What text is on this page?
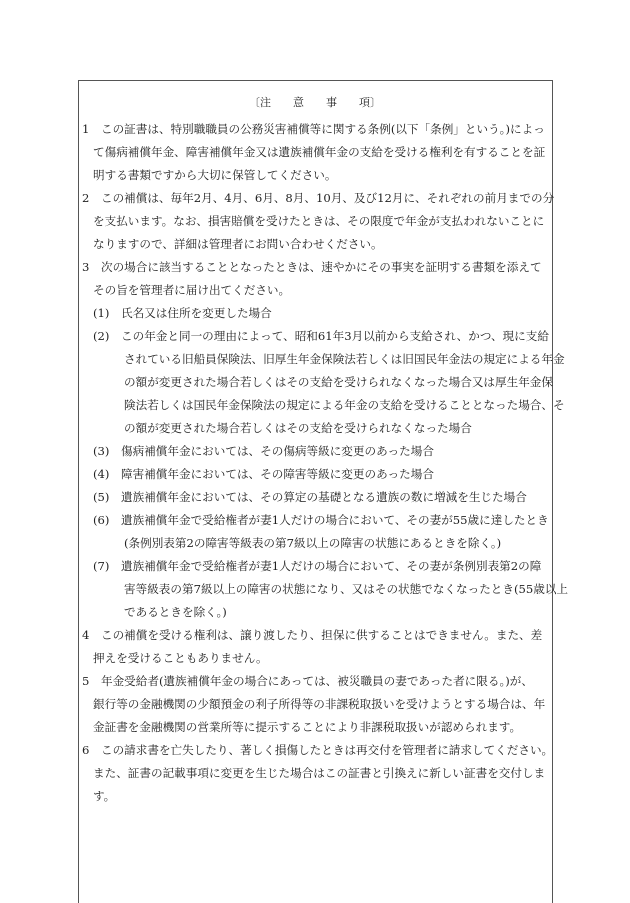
〔注　　意　　事　　項〕
1　この証書は、特別職職員の公務災害補償等に関する条例(以下「条例」という。)によっ
て傷病補償年金、障害補償年金又は遺族補償年金の支給を受ける権利を有することを証
明する書類ですから大切に保管してください。
2　この補償は、毎年2月、4月、6月、8月、10月、及び12月に、それぞれの前月までの分
を支払います。なお、損害賠償を受けたときは、その限度で年金が支払われないことに
なりますので、詳細は管理者にお問い合わせください。
3　次の場合に該当することとなったときは、速やかにその事実を証明する書類を添えて
その旨を管理者に届け出てください。
(1)　氏名又は住所を変更した場合
(2)　この年金と同一の理由によって、昭和61年3月以前から支給され、かつ、現に支給
されている旧船員保険法、旧厚生年金保険法若しくは旧国民年金法の規定による年金
の額が変更された場合若しくはその支給を受けられなくなった場合又は厚生年金保
険法若しくは国民年金保険法の規定による年金の支給を受けることとなった場合、そ
の額が変更された場合若しくはその支給を受けられなくなった場合
(3)　傷病補償年金においては、その傷病等級に変更のあった場合
(4)　障害補償年金においては、その障害等級に変更のあった場合
(5)　遺族補償年金においては、その算定の基礎となる遺族の数に増減を生じた場合
(6)　遺族補償年金で受給権者が妻1人だけの場合において、その妻が55歳に達したとき
(条例別表第2の障害等級表の第7級以上の障害の状態にあるときを除く。)
(7)　遺族補償年金で受給権者が妻1人だけの場合において、その妻が条例別表第2の障
害等級表の第7級以上の障害の状態になり、又はその状態でなくなったとき(55歳以上
であるときを除く。)
4　この補償を受ける権利は、譲り渡したり、担保に供することはできません。また、差
押えを受けることもありません。
5　年金受給者(遺族補償年金の場合にあっては、被災職員の妻であった者に限る。)が、
銀行等の金融機関の少額預金の利子所得等の非課税取扱いを受けようとする場合は、年
金証書を金融機関の営業所等に提示することにより非課税取扱いが認められます。
6　この請求書を亡失したり、著しく損傷したときは再交付を管理者に請求してください。
また、証書の記載事項に変更を生じた場合はこの証書と引換えに新しい証書を交付しま
す。
